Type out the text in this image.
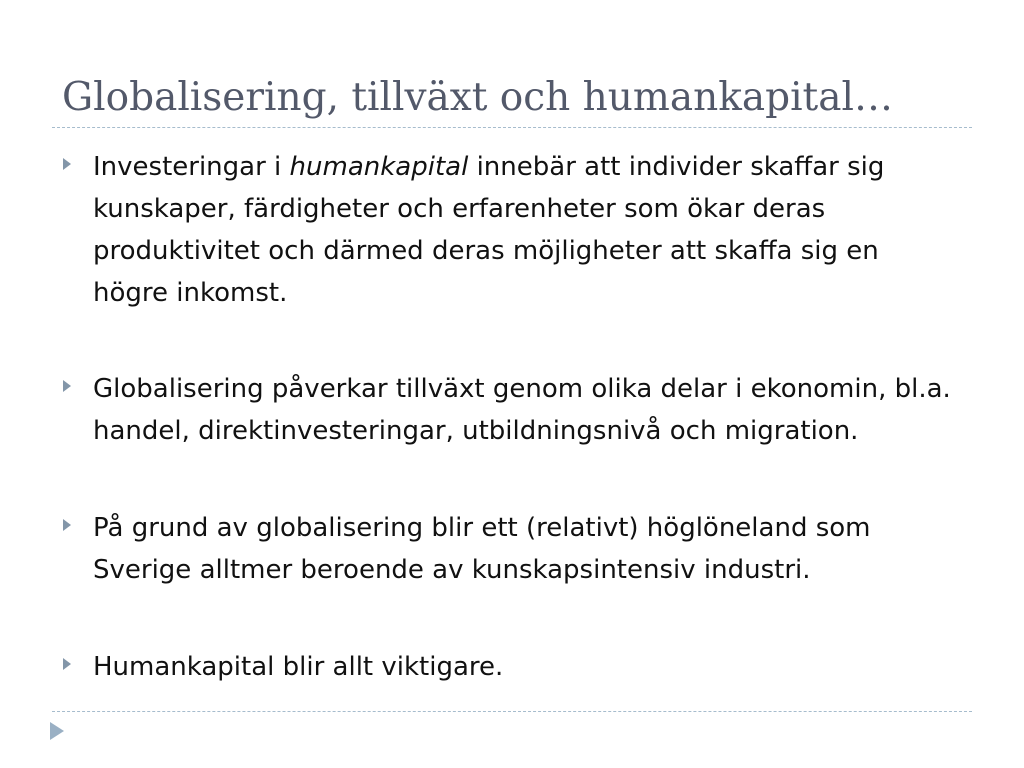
Globalisering, tillväxt och humankapital…
Investeringar i humankapital innebär att individer skaffar sig kunskaper, färdigheter och erfarenheter som ökar deras produktivitet och därmed deras möjligheter att skaffa sig en högre inkomst.
Globalisering påverkar tillväxt genom olika delar i ekonomin, bl.a. handel, direktinvesteringar, utbildningsnivå och migration.
På grund av globalisering blir ett (relativt) höglöneland som Sverige alltmer beroende av kunskapsintensiv industri.
Humankapital blir allt viktigare.
